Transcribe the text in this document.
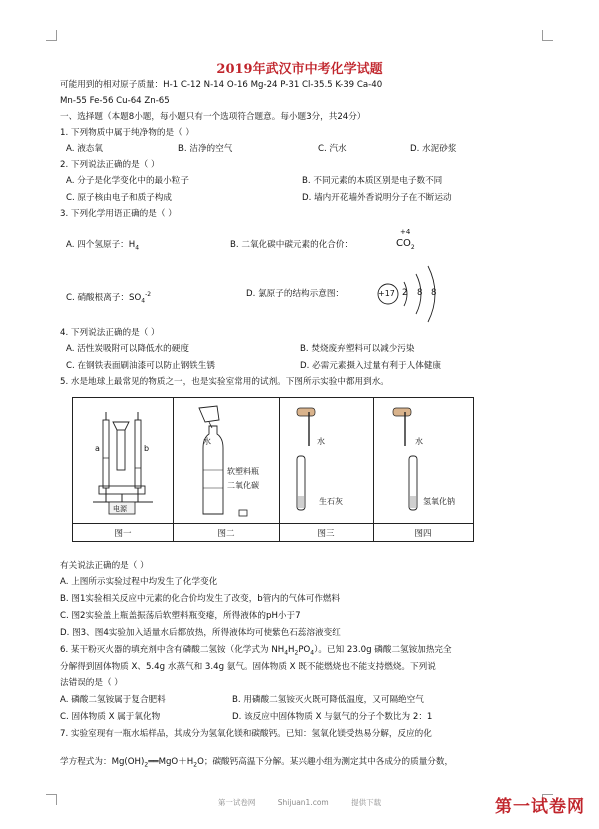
2019年武汉市中考化学试题
可能用到的相对原子质量：H-1 C-12 N-14 O-16 Mg-24 P-31 Cl-35.5 K-39 Ca-40
Mn-55 Fe-56 Cu-64 Zn-65
一、选择题（本题8小题，每小题只有一个选项符合题意。每小题3分，共24分）
1. 下列物质中属于纯净物的是（ ）
A. 液态氧	B. 洁净的空气	C. 汽水	D. 水泥砂浆
2. 下列说法正确的是（ ）
A. 分子是化学变化中的最小粒子	B. 不同元素的本质区别是电子数不同
C. 原子核由电子和质子构成	D. 墙内开花墙外香说明分子在不断运动
3. 下列化学用语正确的是（ ）
A. 四个氢原子：$H_4$	B. 二氧化碳中碳元素的化合价：
+4
$CO_2$
C. 硝酸根离子：$SO_4^{-2}$	D. 氯原子的结构示意图：	+17 2 8 8
4. 下列说法正确的是（ ）
A. 活性炭吸附可以降低水的硬度	B. 焚烧废弃塑料可以减少污染
C. 在钢铁表面刷油漆可以防止钢铁生锈	D. 必需元素摄入过量有利于人体健康
5. 水是地球上最常见的物质之一，也是实验室常用的试剂。下图所示实验中都用到水。
电源
a	b
水
软塑料瓶
二氧化碳
水
生石灰
水
氢氧化钠
图一	图二	图三	图四
有关说法正确的是（ ）
A. 上图所示实验过程中均发生了化学变化
B. 图1实验相关反应中元素的化合价均发生了改变，b管内的气体可作燃料
C. 图2实验盖上瓶盖振荡后软塑料瓶变瘪，所得液体的pH小于7
D. 图3、图4实验加入适量水后都放热，所得液体均可使紫色石蕊溶液变红
6. 某干粉灭火器的填充剂中含有磷酸二氢铵（化学式为 $NH_4H_2PO_4$）。已知 23.0g 磷酸二氢铵加热完全
分解得到固体物质 X、5.4g 水蒸气和 3.4g 氨气。固体物质 X 既不能燃烧也不能支持燃烧。下列说
法错误的是（ ）
A. 磷酸二氢铵属于复合肥料	B. 用磷酸二氢铵灭火既可降低温度，又可隔绝空气
C. 固体物质 X 属于氧化物	D. 该反应中固体物质 X 与氨气的分子个数比为 2：1
7. 实验室现有一瓶水垢样品，其成分为氢氧化镁和碳酸钙。已知：氢氧化镁受热易分解，反应的化
学方程式为：$Mg(OH)_2══MgO+H_2O$；碳酸钙高温下分解。某兴趣小组为测定其中各成分的质量分数，
第一试卷网	Shijuan1.com	提供下载	第一试卷网
